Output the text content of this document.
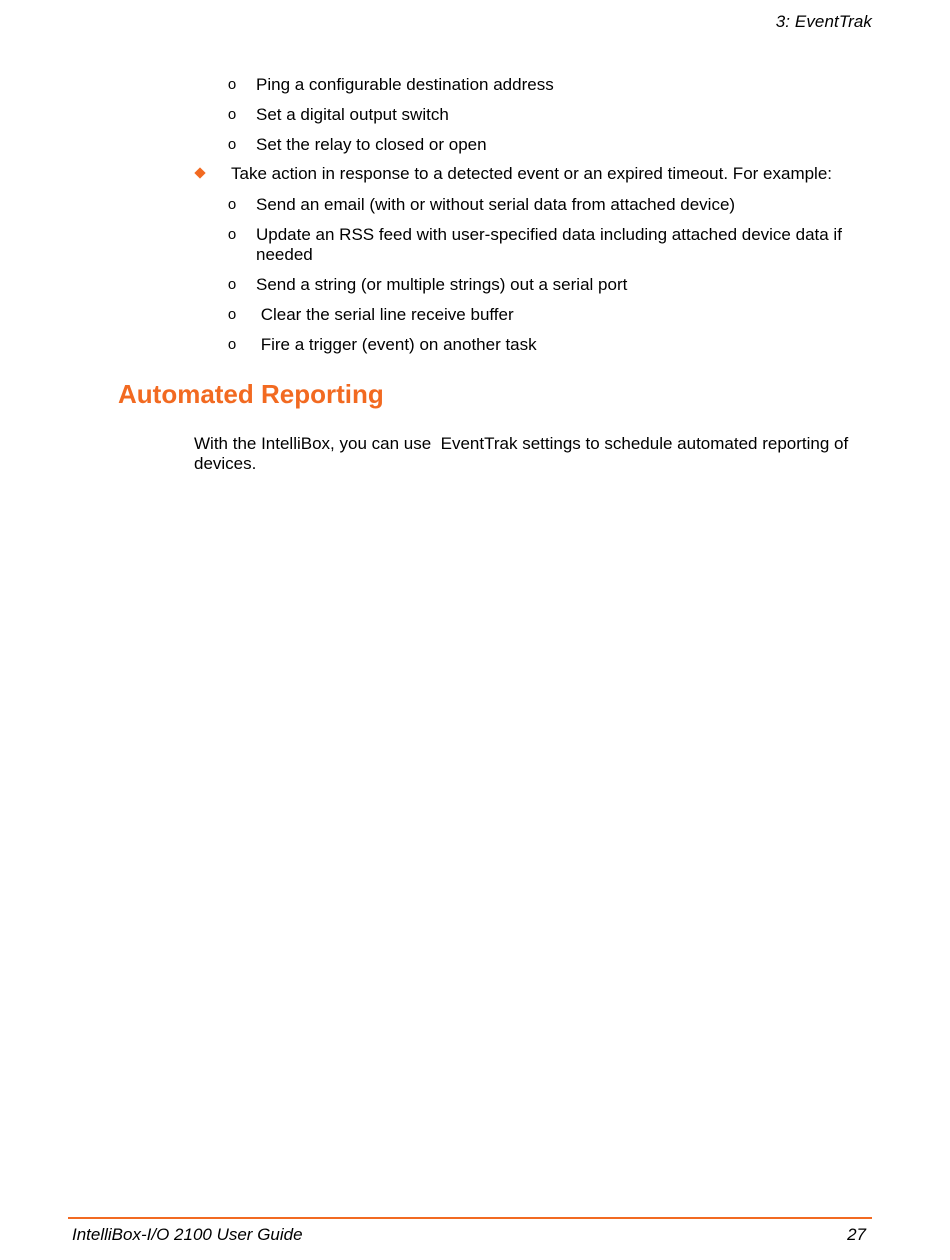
3: EventTrak
o Ping a configurable destination address
o Set a digital output switch
o Set the relay to closed or open
Take action in response to a detected event or an expired timeout. For example:
o Send an email (with or without serial data from attached device)
o Update an RSS feed with user-specified data including attached device data if needed
o Send a string (or multiple strings) out a serial port
o Clear the serial line receive buffer
o Fire a trigger (event) on another task
Automated Reporting

With the IntelliBox, you can use  EventTrak settings to schedule automated reporting of devices.

IntelliBox-I/O 2100 User Guide	27
